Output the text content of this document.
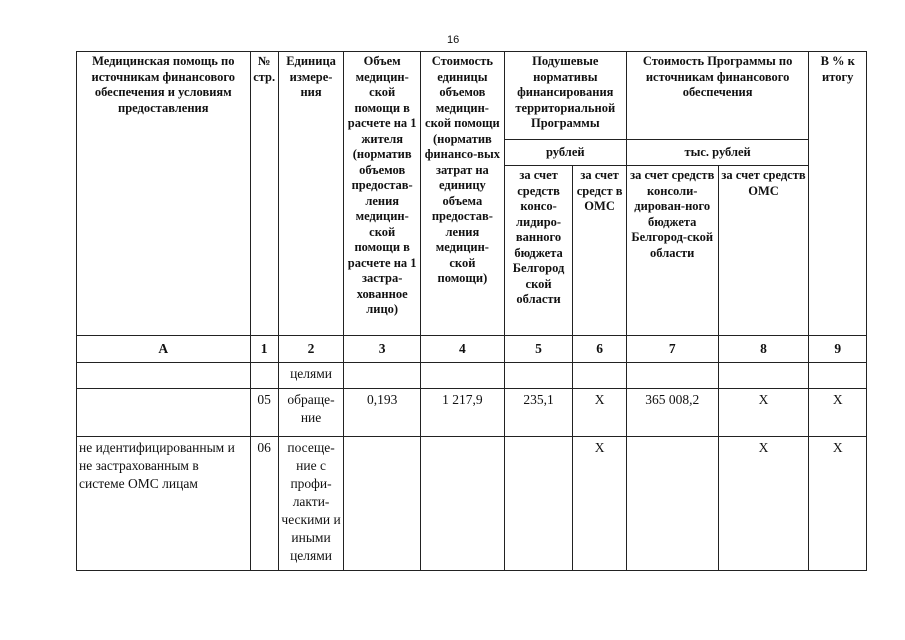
16
Медицинская помощь по источникам финансового обеспечения и условиям предоставления	№ стр.	Единица измере-ния	Объем медицин-ской помощи в расчете на 1 жителя (норматив объемов предостав-ления медицин-ской помощи в расчете на 1 застра-хованное лицо)	Стоимость единицы объемов медицин-ской помощи (норматив финансо-вых затрат на единицу объема предостав-ления медицин-ской помощи)	Подушевые нормативы финансирования территориальной Программы		Стоимость Программы по источникам финансового обеспечения		В % к итогу
					рублей		тыс. рублей		
					за счет средств консо-лидиро-ванного бюджета Белгород ской области	за счет средст в ОМС	за счет средств консоли-дирован-ного бюджета Белгород-ской области	за счет средств ОМС	
А	1	2	3	4	5	6	7	8	9
		целями							
	05	обраще-ние	0,193	1 217,9	235,1	Х	365 008,2	Х	Х
не идентифицированным и не застрахованным в системе ОМС лицам	06	посеще-ние с профи-лакти-ческими и иными целями				Х		Х	Х
